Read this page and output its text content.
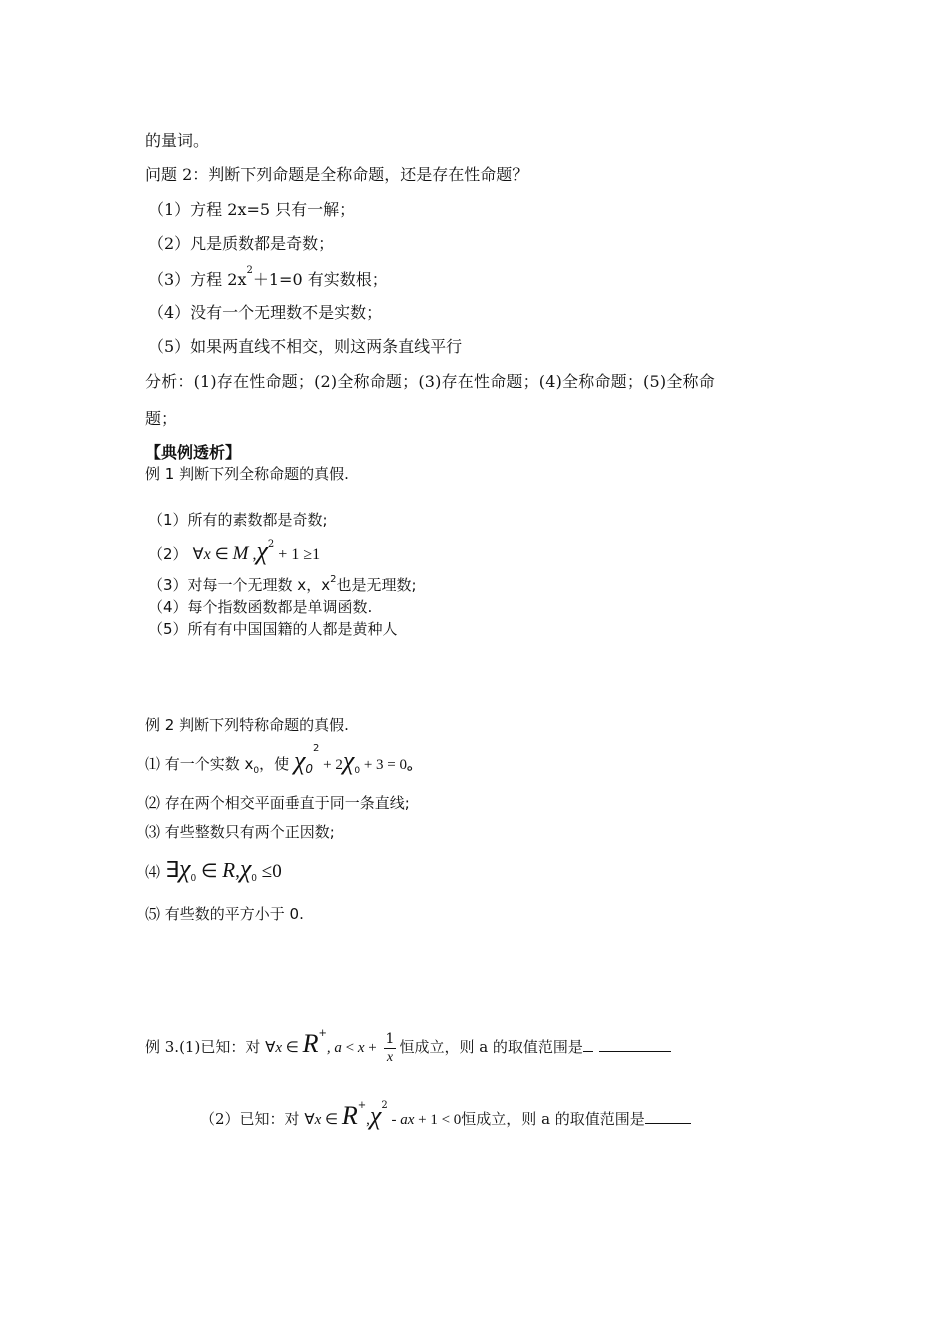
的量词。
问题 2：判断下列命题是全称命题，还是存在性命题？
（1）方程 2x=5 只有一解；
（2）凡是质数都是奇数；
（3）方程 $2x^2+1=0$ 有实数根；
（4）没有一个无理数不是实数；
（5）如果两直线不相交，则这两条直线平行
分析：(1)存在性命题；(2)全称命题；(3)存在性命题；(4)全称命题；(5)全称命
题；
【典例透析】
例 1 判断下列全称命题的真假.
（1）所有的素数都是奇数;
（2） ∀x ∈ M $,\chi^2 + 1 \ge 1$
（3）对每一个无理数 x，$x^2$也是无理数;
（4）每个指数函数都是单调函数.
（5）所有有中国国籍的人都是黄种人
例 2 判断下列特称命题的真假.
⑴ 有一个实数 $x_0$，使 $\chi_0^2 + 2\chi_0 + 3 = 0$。
⑵ 存在两个相交平面垂直于同一条直线;
⑶ 有些整数只有两个正因数;
⑷ $\exists\chi_0$ ∈ $R,\chi_0 \le 0$
⑸ 有些数的平方小于 0.
例 3.(1)已知：对 ∀x ∈ R+, $a < x + \frac{1}{x}$ 恒成立，则 a 的取值范围是
（2）已知：对 ∀x ∈ $R^+,\chi^2$ - ax + 1 < 0恒成立，则 a 的取值范围是
